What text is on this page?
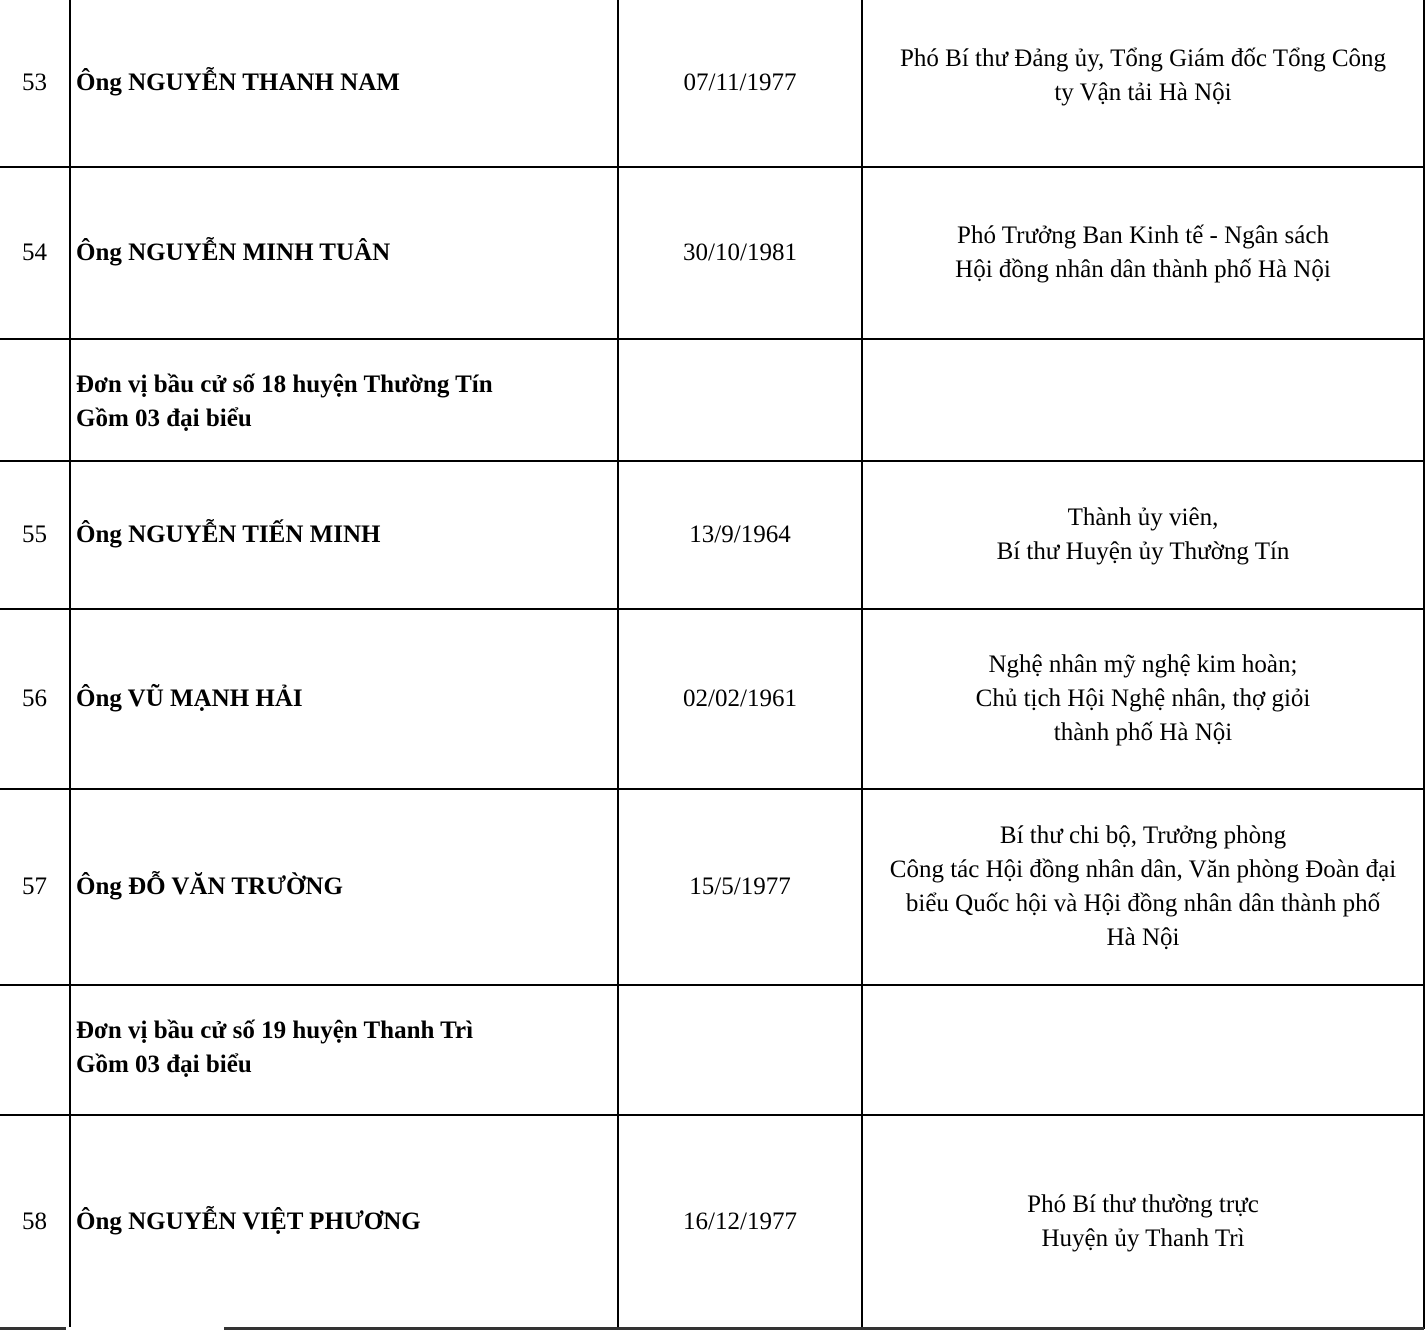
53	Ông NGUYỄN THANH NAM	07/11/1977	Phó Bí thư Đảng ủy, Tổng Giám đốc Tổng Công
ty Vận tải Hà Nội

54	Ông NGUYỄN MINH TUÂN	30/10/1981	Phó Trưởng Ban Kinh tế - Ngân sách
Hội đồng nhân dân thành phố Hà Nội

	Đơn vị bầu cử số 18 huyện Thường Tín
Gồm 03 đại biểu		

55	Ông NGUYỄN TIẾN MINH	13/9/1964	Thành ủy viên,
Bí thư Huyện ủy Thường Tín

56	Ông VŨ MẠNH HẢI	02/02/1961	Nghệ nhân mỹ nghệ kim hoàn;
Chủ tịch Hội Nghệ nhân, thợ giỏi
thành phố Hà Nội

57	Ông ĐỖ VĂN TRƯỜNG	15/5/1977	Bí thư chi bộ, Trưởng phòng
Công tác Hội đồng nhân dân, Văn phòng Đoàn đại
biểu Quốc hội và Hội đồng nhân dân thành phố
Hà Nội

	Đơn vị bầu cử số 19 huyện Thanh Trì
Gồm 03 đại biểu		

58	Ông NGUYỄN VIỆT PHƯƠNG	16/12/1977	Phó Bí thư thường trực
Huyện ủy Thanh Trì
